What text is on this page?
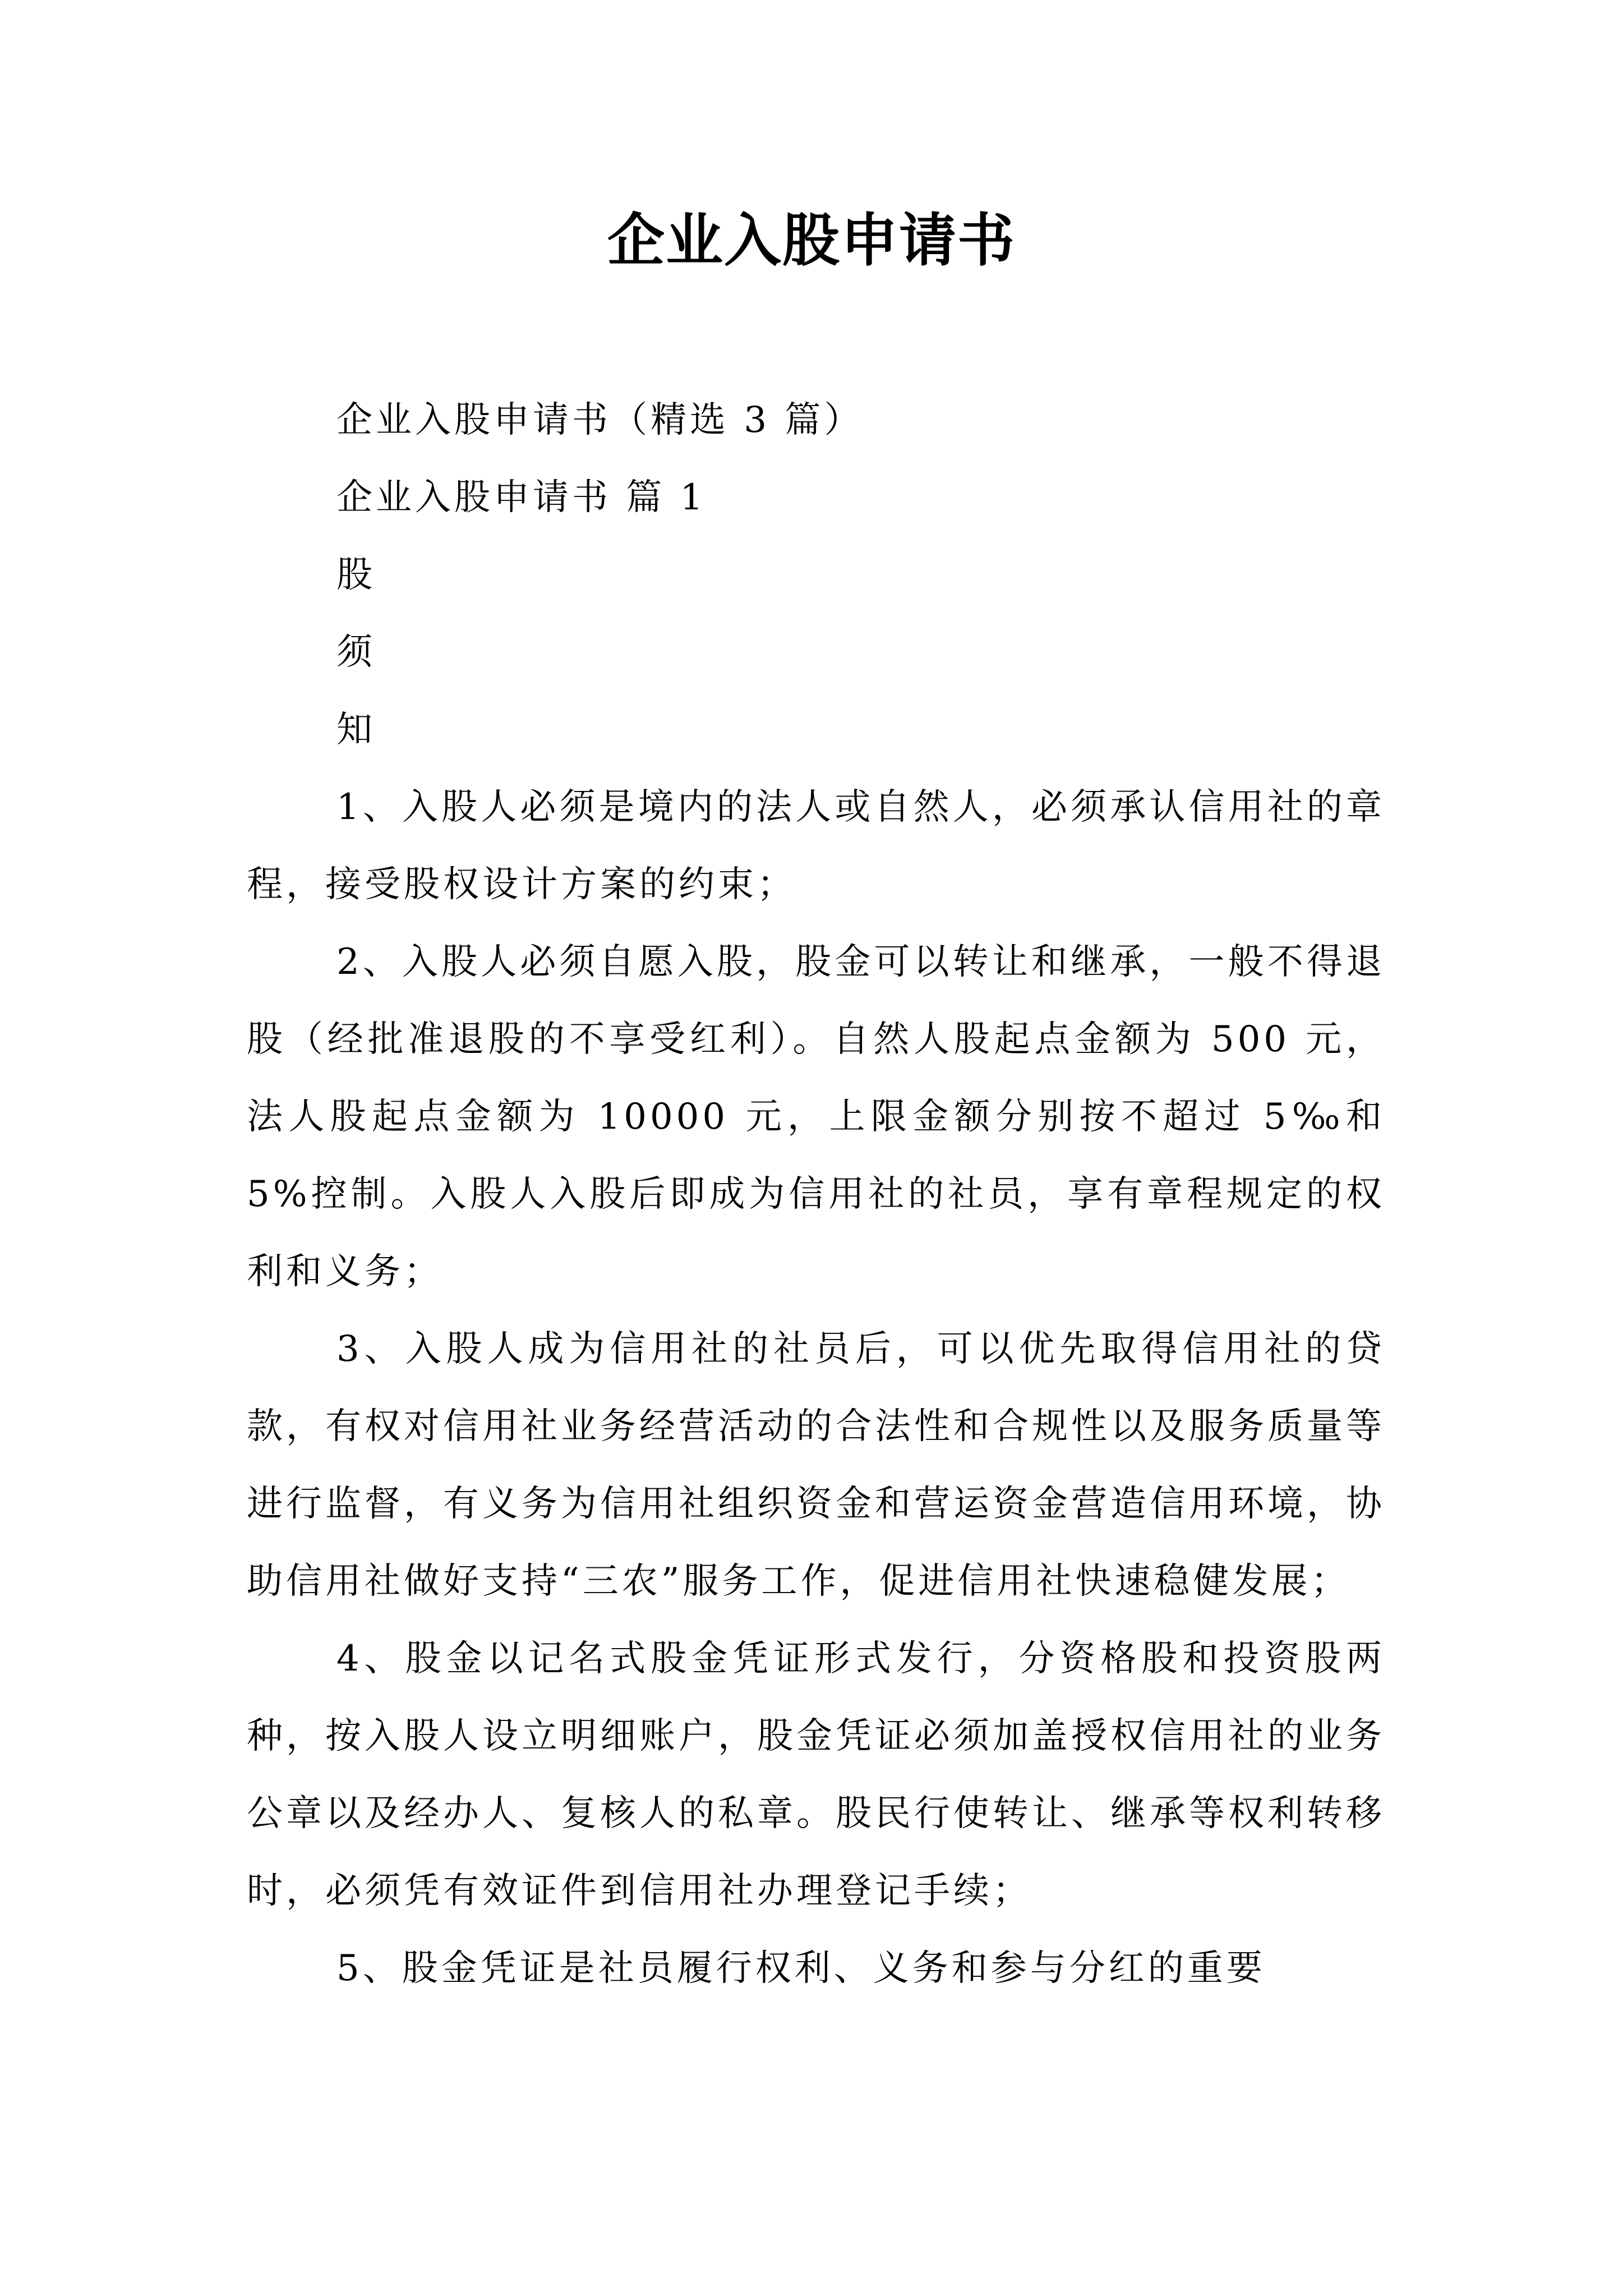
企业入股申请书

企业入股申请书（精选 3 篇）

企业入股申请书 篇 1

股

须

知

1、入股人必须是境内的法人或自然人，必须承认信用社的章程，接受股权设计方案的约束；

2、入股人必须自愿入股，股金可以转让和继承，一般不得退股（经批准退股的不享受红利）。自然人股起点金额为 500 元，法人股起点金额为 10000 元，上限金额分别按不超过 5‰和 5%控制。入股人入股后即成为信用社的社员，享有章程规定的权利和义务；

3、入股人成为信用社的社员后，可以优先取得信用社的贷款，有权对信用社业务经营活动的合法性和合规性以及服务质量等进行监督，有义务为信用社组织资金和营运资金营造信用环境，协助信用社做好支持“三农”服务工作，促进信用社快速稳健发展；

4、股金以记名式股金凭证形式发行，分资格股和投资股两种，按入股人设立明细账户，股金凭证必须加盖授权信用社的业务公章以及经办人、复核人的私章。股民行使转让、继承等权利转移时，必须凭有效证件到信用社办理登记手续；

5、股金凭证是社员履行权利、义务和参与分红的重要
